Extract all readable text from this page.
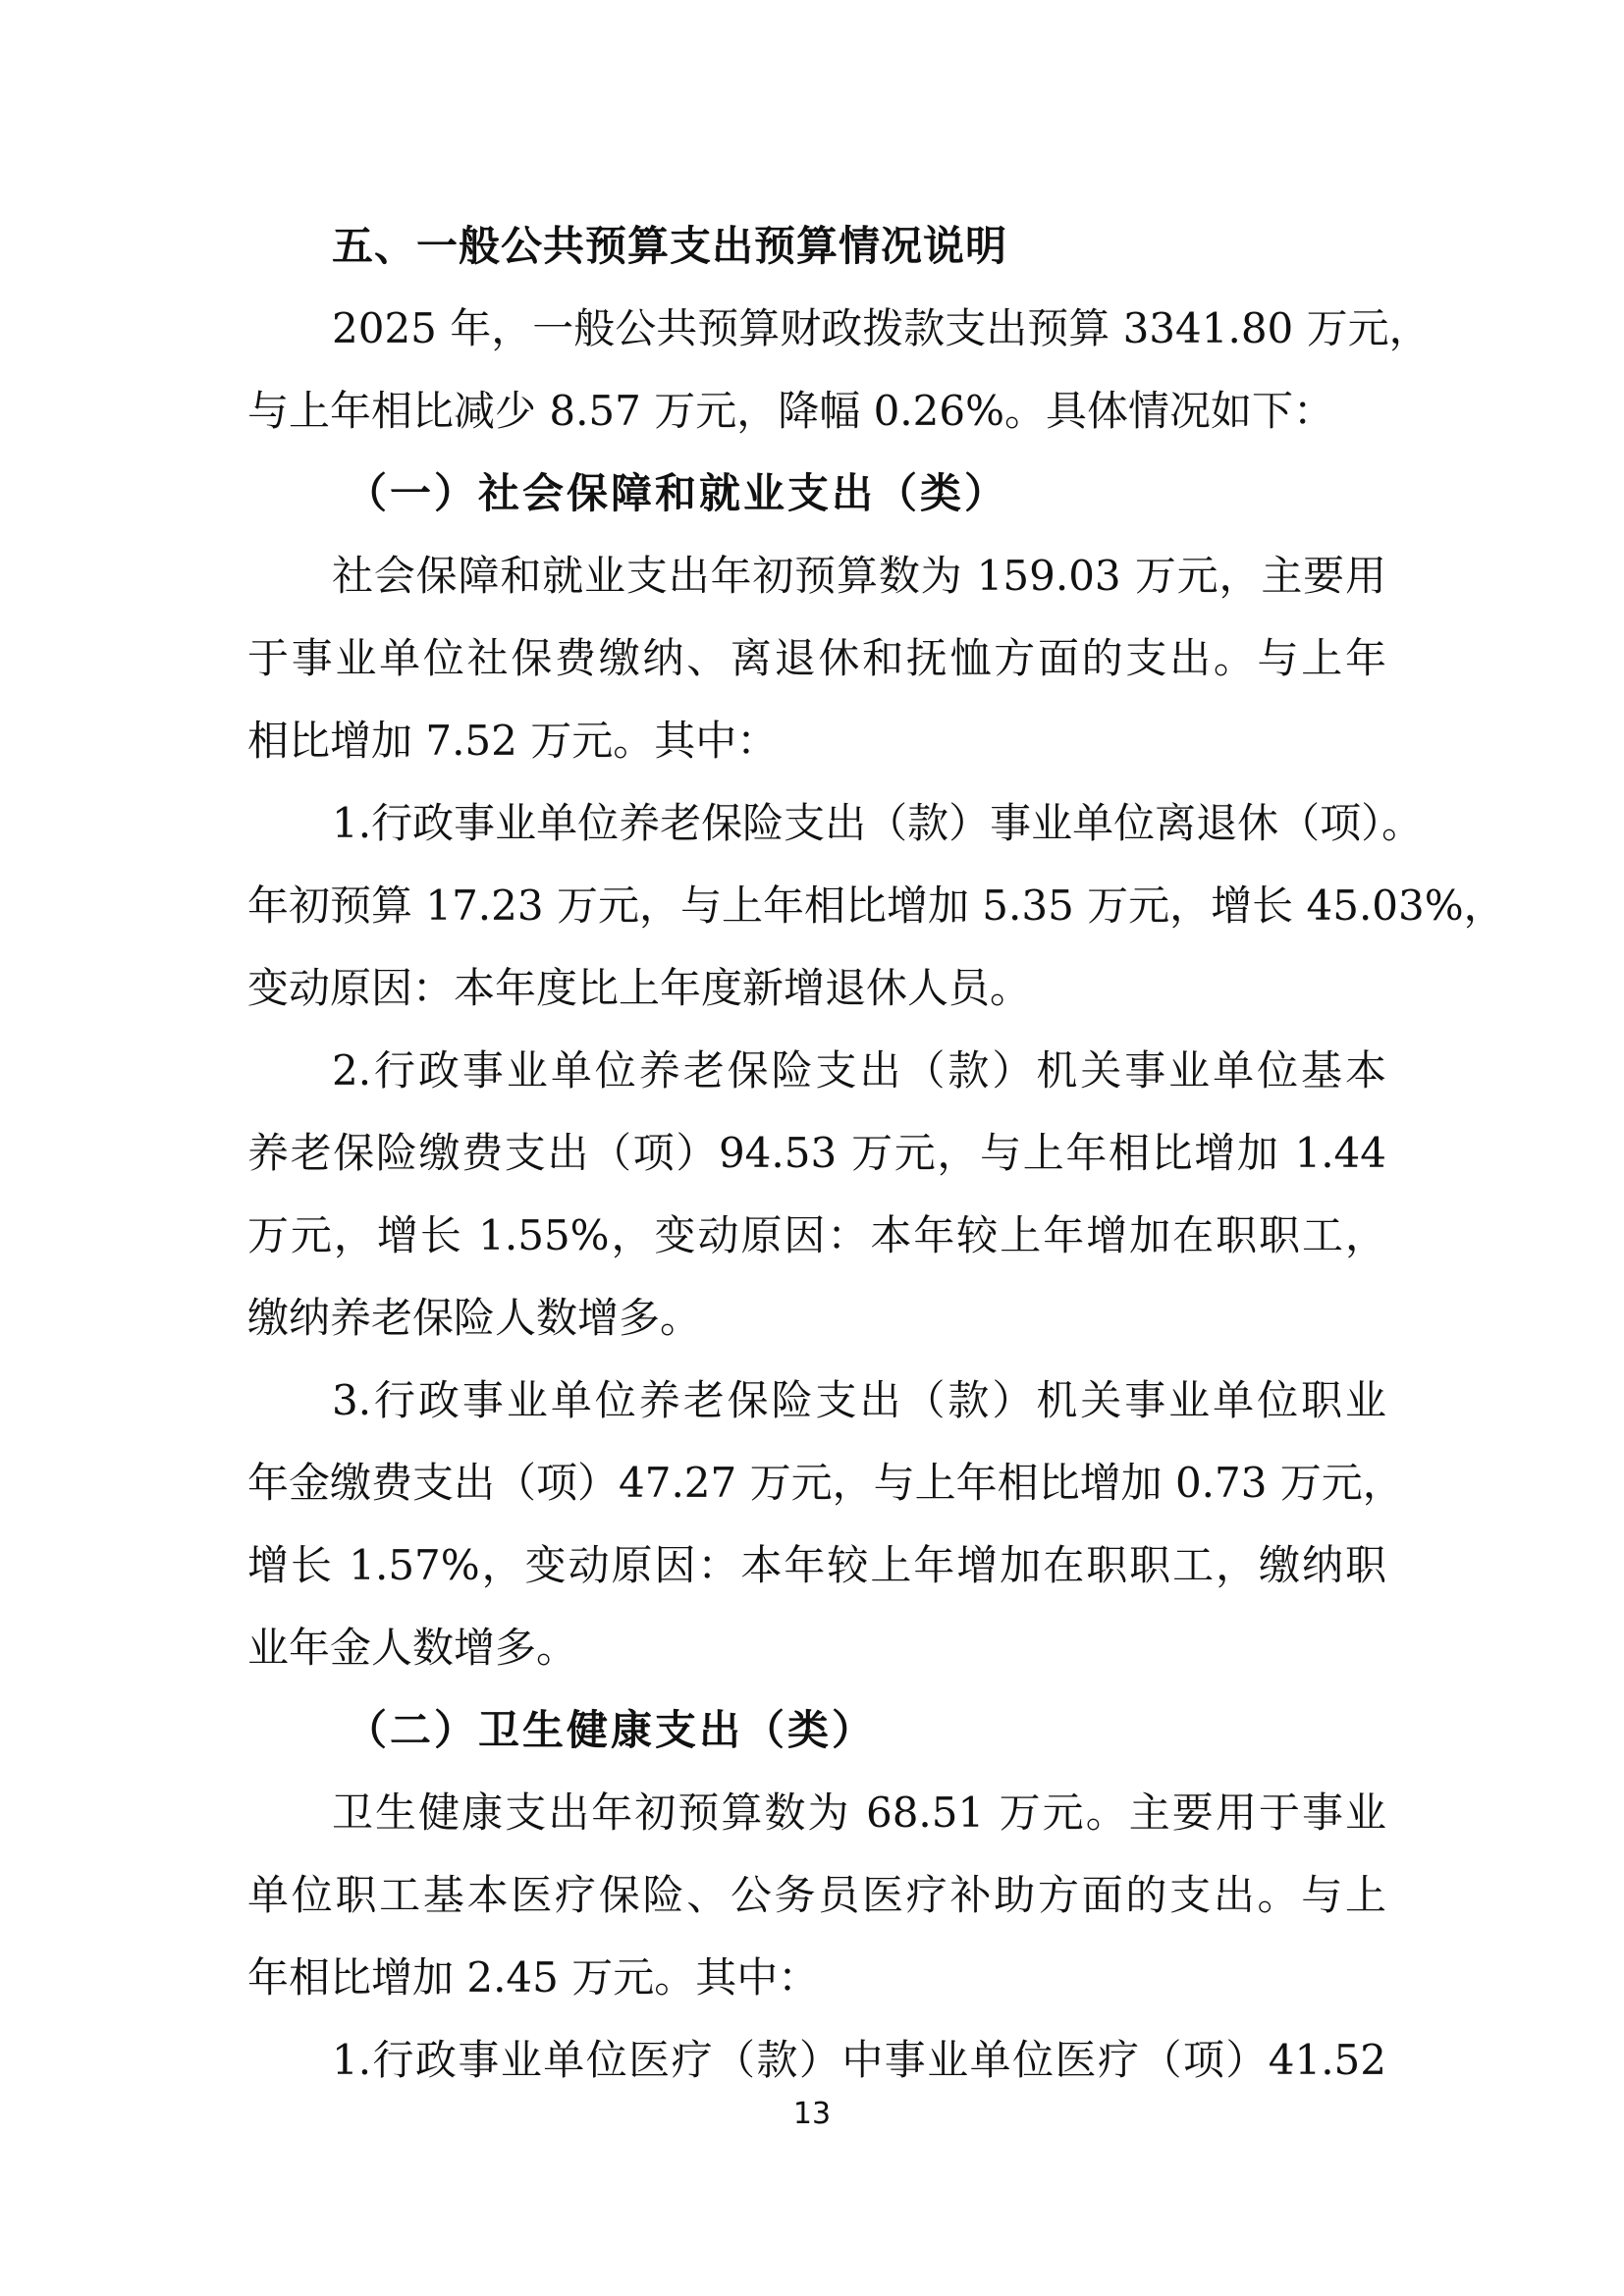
五、一般公共预算支出预算情况说明

2025 年，一般公共预算财政拨款支出预算 3341.80 万元，

与上年相比减少 8.57 万元，降幅 0.26%。具体情况如下：

（一）社会保障和就业支出（类）

社会保障和就业支出年初预算数为 159.03 万元，主要用

于事业单位社保费缴纳、离退休和抚恤方面的支出。与上年

相比增加 7.52 万元。其中：

1.行政事业单位养老保险支出（款）事业单位离退休（项）。

年初预算 17.23 万元，与上年相比增加 5.35 万元，增长 45.03%，

变动原因：本年度比上年度新增退休人员。

2.行政事业单位养老保险支出（款）机关事业单位基本

养老保险缴费支出（项）94.53 万元，与上年相比增加 1.44

万元，增长 1.55%，变动原因：本年较上年增加在职职工，

缴纳养老保险人数增多。

3.行政事业单位养老保险支出（款）机关事业单位职业

年金缴费支出（项）47.27 万元，与上年相比增加 0.73 万元，

增长 1.57%，变动原因：本年较上年增加在职职工，缴纳职

业年金人数增多。

（二）卫生健康支出（类）

卫生健康支出年初预算数为 68.51 万元。主要用于事业

单位职工基本医疗保险、公务员医疗补助方面的支出。与上

年相比增加 2.45 万元。其中：

1.行政事业单位医疗（款）中事业单位医疗（项）41.52

13
